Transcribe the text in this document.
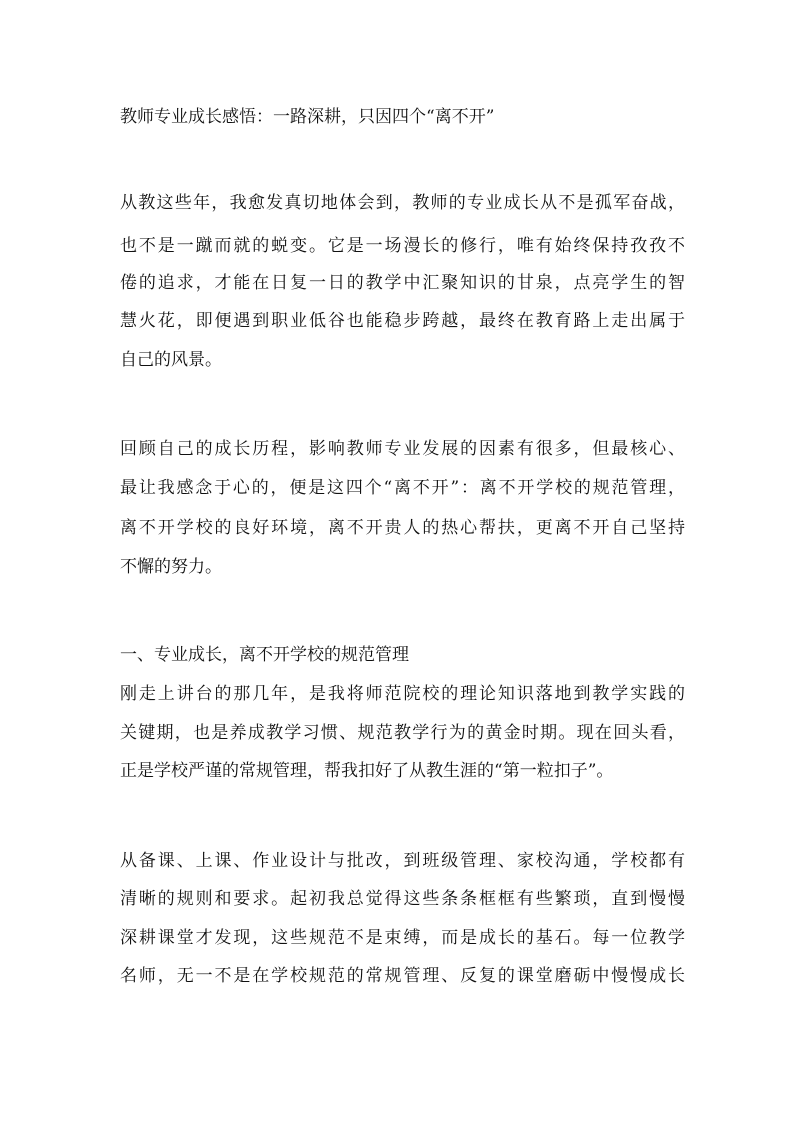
教师专业成长感悟：一路深耕，只因四个“离不开”
从教这些年，我愈发真切地体会到，教师的专业成长从不是孤军奋战，
也不是一蹴而就的蜕变。它是一场漫长的修行，唯有始终保持孜孜不
倦的追求，才能在日复一日的教学中汇聚知识的甘泉，点亮学生的智
慧火花，即便遇到职业低谷也能稳步跨越，最终在教育路上走出属于
自己的风景。
回顾自己的成长历程，影响教师专业发展的因素有很多，但最核心、
最让我感念于心的，便是这四个“离不开”：离不开学校的规范管理，
离不开学校的良好环境，离不开贵人的热心帮扶，更离不开自己坚持
不懈的努力。
一、专业成长，离不开学校的规范管理
刚走上讲台的那几年，是我将师范院校的理论知识落地到教学实践的
关键期，也是养成教学习惯、规范教学行为的黄金时期。现在回头看，
正是学校严谨的常规管理，帮我扣好了从教生涯的“第一粒扣子”。
从备课、上课、作业设计与批改，到班级管理、家校沟通，学校都有
清晰的规则和要求。起初我总觉得这些条条框框有些繁琐，直到慢慢
深耕课堂才发现，这些规范不是束缚，而是成长的基石。每一位教学
名师，无一不是在学校规范的常规管理、反复的课堂磨砺中慢慢成长
